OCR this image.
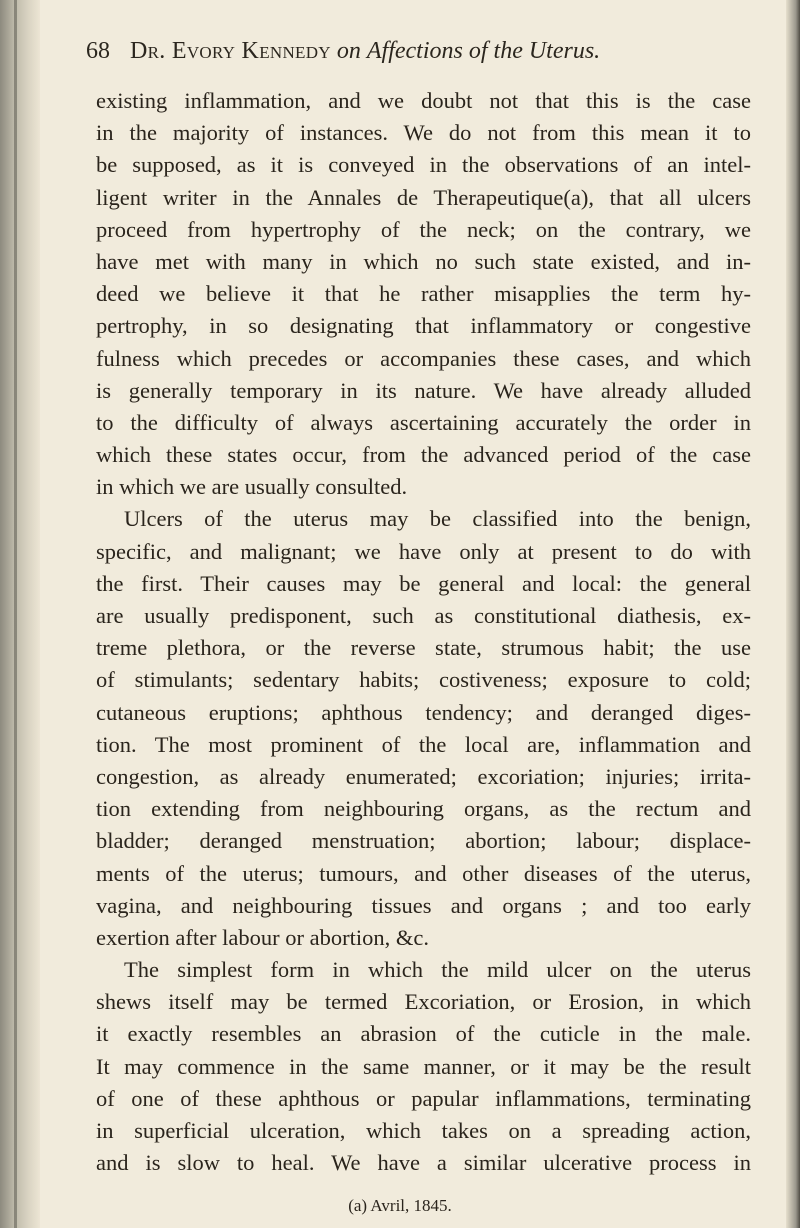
68 Dr. Evory Kennedy on Affections of the Uterus.
existing inflammation, and we doubt not that this is the case
in the majority of instances. We do not from this mean it to
be supposed, as it is conveyed in the observations of an intel-
ligent writer in the Annales de Therapeutique(a), that all ulcers
proceed from hypertrophy of the neck; on the contrary, we
have met with many in which no such state existed, and in-
deed we believe it that he rather misapplies the term hy-
pertrophy, in so designating that inflammatory or congestive
fulness which precedes or accompanies these cases, and which
is generally temporary in its nature. We have already alluded
to the difficulty of always ascertaining accurately the order in
which these states occur, from the advanced period of the case
in which we are usually consulted.
Ulcers of the uterus may be classified into the benign,
specific, and malignant; we have only at present to do with
the first. Their causes may be general and local: the general
are usually predisponent, such as constitutional diathesis, ex-
treme plethora, or the reverse state, strumous habit; the use
of stimulants; sedentary habits; costiveness; exposure to cold;
cutaneous eruptions; aphthous tendency; and deranged diges-
tion. The most prominent of the local are, inflammation and
congestion, as already enumerated; excoriation; injuries; irrita-
tion extending from neighbouring organs, as the rectum and
bladder; deranged menstruation; abortion; labour; displace-
ments of the uterus; tumours, and other diseases of the uterus,
vagina, and neighbouring tissues and organs ; and too early
exertion after labour or abortion, &c.
The simplest form in which the mild ulcer on the uterus
shews itself may be termed Excoriation, or Erosion, in which
it exactly resembles an abrasion of the cuticle in the male.
It may commence in the same manner, or it may be the result
of one of these aphthous or papular inflammations, terminating
in superficial ulceration, which takes on a spreading action,
and is slow to heal. We have a similar ulcerative process in
(a) Avril, 1845.
